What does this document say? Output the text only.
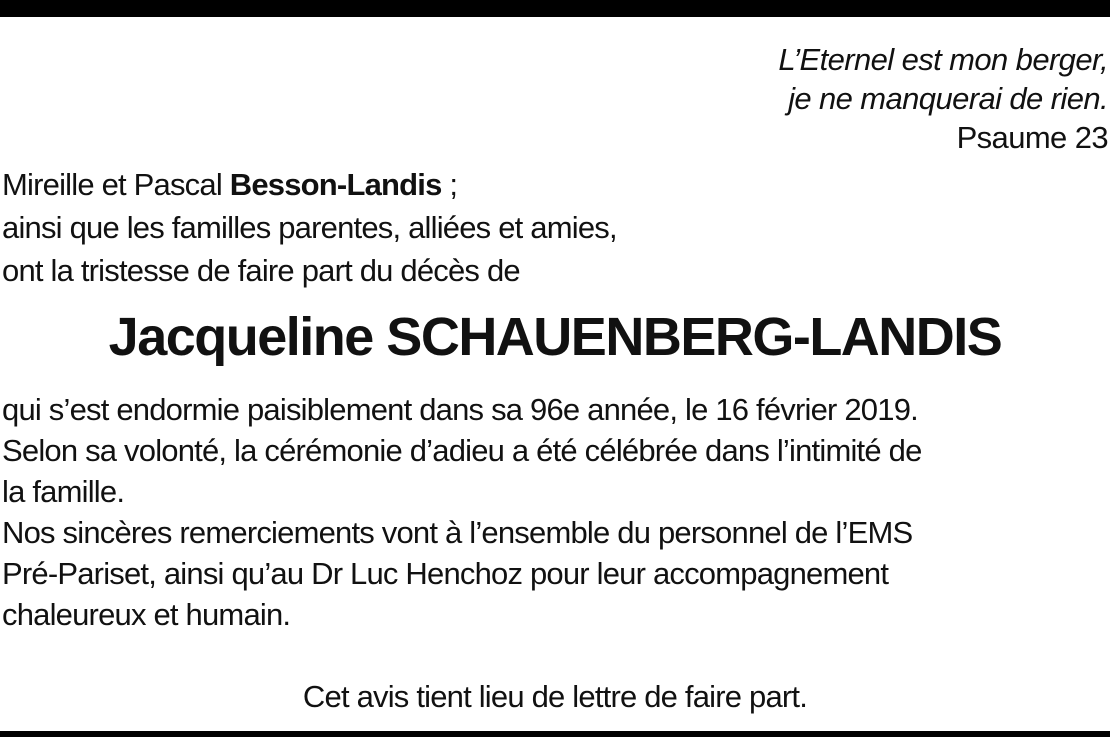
L’Eternel est mon berger,
je ne manquerai de rien.
Psaume 23
Mireille et Pascal Besson-Landis ;
ainsi que les familles parentes, alliées et amies,
ont la tristesse de faire part du décès de
Jacqueline SCHAUENBERG-LANDIS
qui s’est endormie paisiblement dans sa 96e année, le 16 février 2019.
Selon sa volonté, la cérémonie d’adieu a été célébrée dans l’intimité de
la famille.
Nos sincères remerciements vont à l’ensemble du personnel de l’EMS
Pré-Pariset, ainsi qu’au Dr Luc Henchoz pour leur accompagnement
chaleureux et humain.
Cet avis tient lieu de lettre de faire part.
